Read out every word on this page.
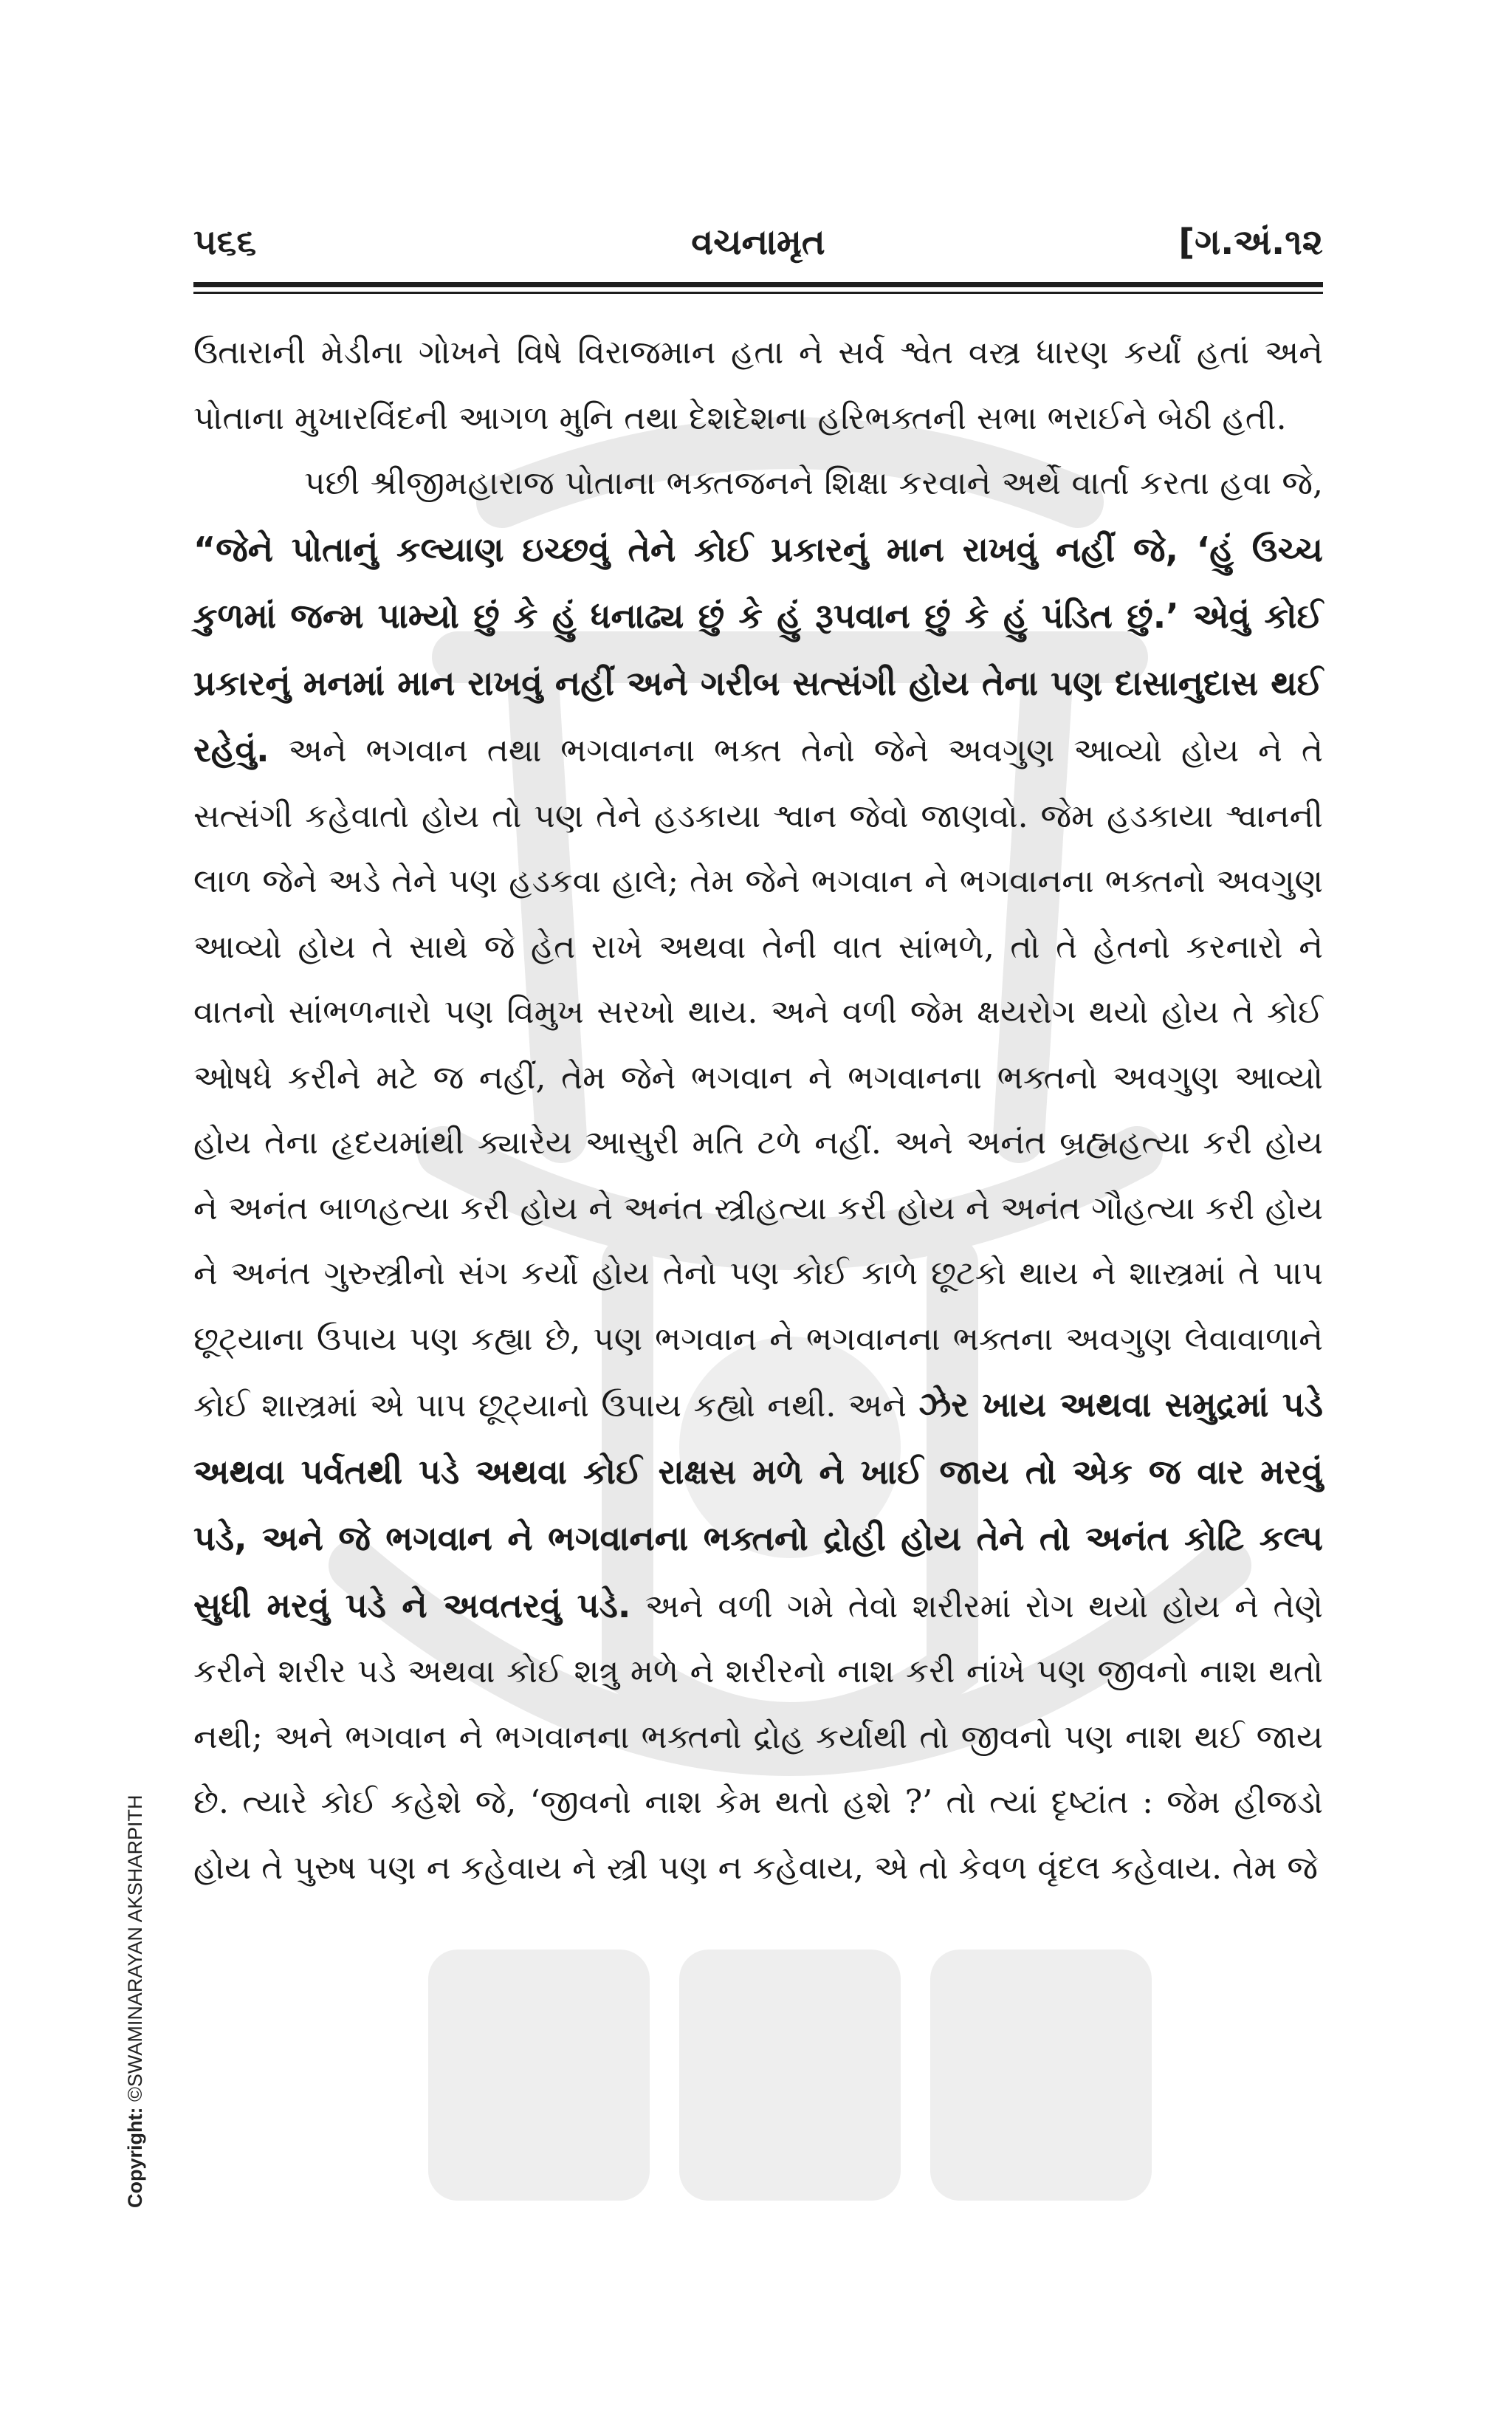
૫૬૬	વચનામૃત	[ગ.અં.૧૨

ઉતારાની મેડીના ગોખને વિષે વિરાજમાન હતા ને સર્વ શ્વેત વસ્ત્ર ધારણ કર્યાં હતાં અને પોતાના મુખારવિંદની આગળ મુનિ તથા દેશદેશના હરિભક્તની સભા ભરાઈને બેઠી હતી.

પછી શ્રીજીમહારાજ પોતાના ભક્તજનને શિક્ષા કરવાને અર્થે વાર્તા કરતા હવા જે, “જેને પોતાનું કલ્યાણ ઇચ્છવું તેને કોઈ પ્રકારનું માન રાખવું નહીં જે, ‘હું ઉચ્ચ કુળમાં જન્મ પામ્યો છું કે હું ધનાઢ્ય છું કે હું રૂપવાન છું કે હું પંડિત છું.’ એવું કોઈ પ્રકારનું મનમાં માન રાખવું નહીં અને ગરીબ સત્સંગી હોય તેના પણ દાસાનુદાસ થઈ રહેવું. અને ભગવાન તથા ભગવાનના ભક્ત તેનો જેને અવગુણ આવ્યો હોય ને તે સત્સંગી કહેવાતો હોય તો પણ તેને હડકાયા શ્વાન જેવો જાણવો. જેમ હડકાયા શ્વાનની લાળ જેને અડે તેને પણ હડકવા હાલે; તેમ જેને ભગવાન ને ભગવાનના ભક્તનો અવગુણ આવ્યો હોય તે સાથે જે હેત રાખે અથવા તેની વાત સાંભળે, તો તે હેતનો કરનારો ને વાતનો સાંભળનારો પણ વિમુખ સરખો થાય. અને વળી જેમ ક્ષયરોગ થયો હોય તે કોઈ ઓષધે કરીને મટે જ નહીં, તેમ જેને ભગવાન ને ભગવાનના ભક્તનો અવગુણ આવ્યો હોય તેના હૃદયમાંથી ક્યારેય આસુરી મતિ ટળે નહીં. અને અનંત બ્રહ્મહત્યા કરી હોય ને અનંત બાળહત્યા કરી હોય ને અનંત સ્ત્રીહત્યા કરી હોય ને અનંત ગૌહત્યા કરી હોય ને અનંત ગુરુસ્ત્રીનો સંગ કર્યો હોય તેનો પણ કોઈ કાળે છૂટકો થાય ને શાસ્ત્રમાં તે પાપ છૂટ્યાના ઉપાય પણ કહ્યા છે, પણ ભગવાન ને ભગવાનના ભક્તના અવગુણ લેવાવાળાને કોઈ શાસ્ત્રમાં એ પાપ છૂટ્યાનો ઉપાય કહ્યો નથી. અને ઝેર ખાય અથવા સમુદ્રમાં પડે અથવા પર્વતથી પડે અથવા કોઈ રાક્ષસ મળે ને ખાઈ જાય તો એક જ વાર મરવું પડે, અને જે ભગવાન ને ભગવાનના ભક્તનો દ્રોહી હોય તેને તો અનંત કોટિ કલ્પ સુધી મરવું પડે ને અવતરવું પડે. અને વળી ગમે તેવો શરીરમાં રોગ થયો હોય ને તેણે કરીને શરીર પડે અથવા કોઈ શત્રુ મળે ને શરીરનો નાશ કરી નાંખે પણ જીવનો નાશ થતો નથી; અને ભગવાન ને ભગવાનના ભક્તનો દ્રોહ કર્યાથી તો જીવનો પણ નાશ થઈ જાય છે. ત્યારે કોઈ કહેશે જે, ‘જીવનો નાશ કેમ થતો હશે ?’ તો ત્યાં દૃષ્ટાંત : જેમ હીજડો હોય તે પુરુષ પણ ન કહેવાય ને સ્ત્રી પણ ન કહેવાય, એ તો કેવળ વૃંદલ કહેવાય. તેમ જે

Copyright: ©SWAMINARAYAN AKSHARPITH
